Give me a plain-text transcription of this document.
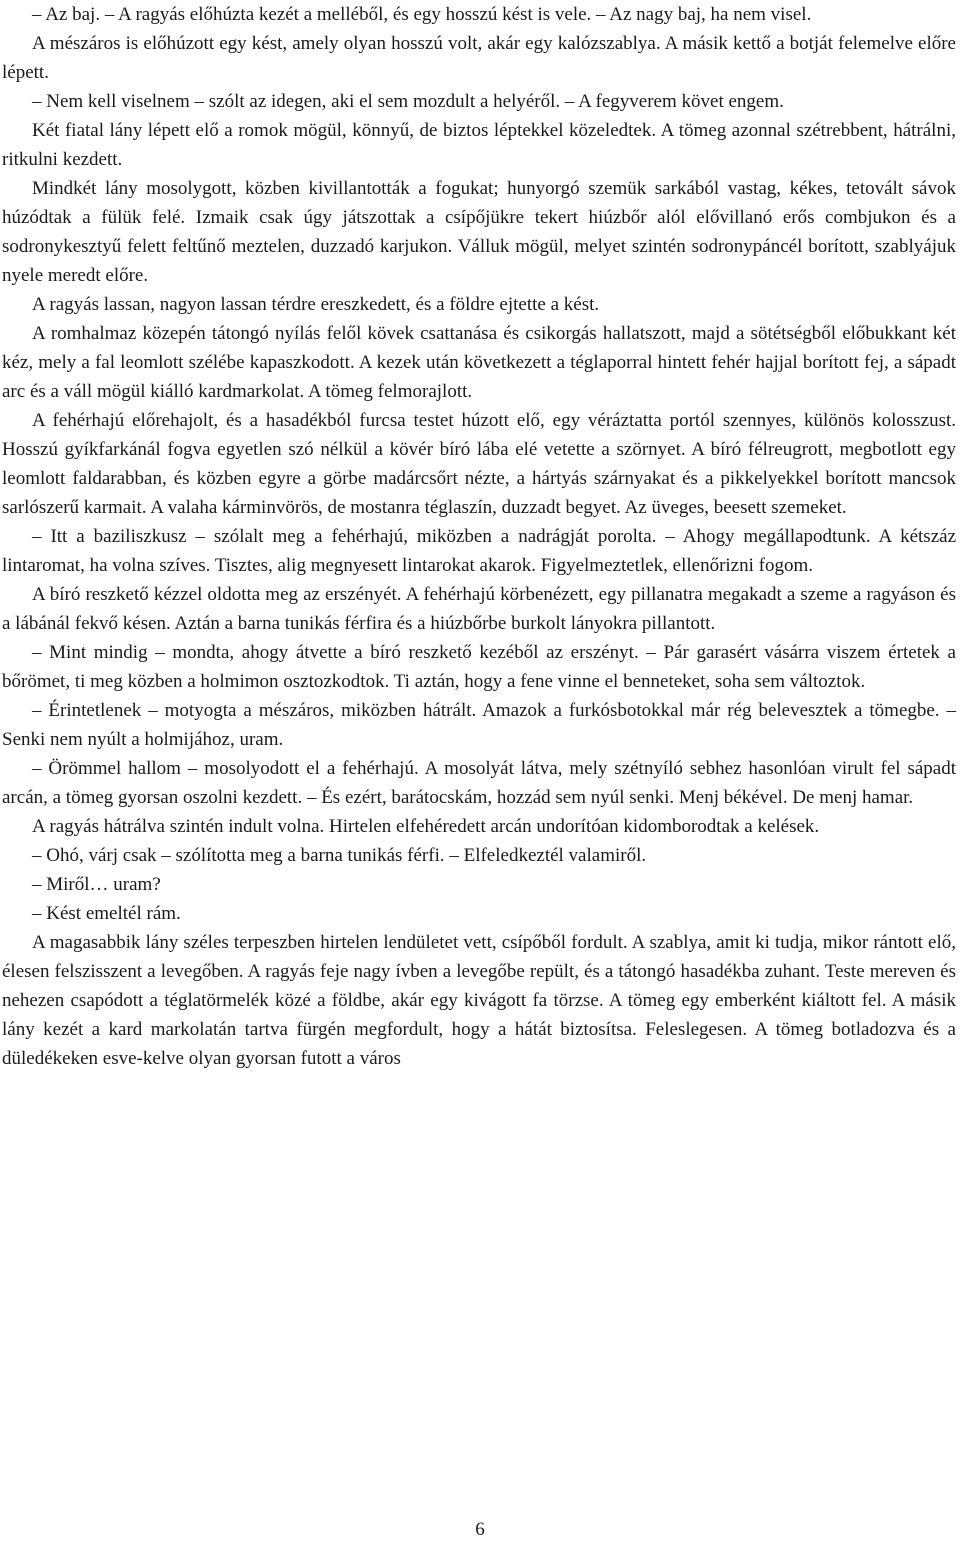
– Az baj. – A ragyás előhúzta kezét a melléből, és egy hosszú kést is vele. – Az nagy baj, ha nem visel.

A mészáros is előhúzott egy kést, amely olyan hosszú volt, akár egy kalózszablya. A másik kettő a botját felemelve előre lépett.

– Nem kell viselnem – szólt az idegen, aki el sem mozdult a helyéről. – A fegyverem követ engem.

Két fiatal lány lépett elő a romok mögül, könnyű, de biztos léptekkel közeledtek. A tömeg azonnal szétrebbent, hátrálni, ritkulni kezdett.

Mindkét lány mosolygott, közben kivillantották a fogukat; hunyorgó szemük sarkából vastag, kékes, tetovált sávok húzódtak a fülük felé. Izmaik csak úgy játszottak a csípőjükre tekert hiúzbőr alól elővillanó erős combjukon és a sodronykesztyű felett feltűnő meztelen, duzzadó karjukon. Válluk mögül, melyet szintén sodronypáncél borított, szablyájuk nyele meredt előre.

A ragyás lassan, nagyon lassan térdre ereszkedett, és a földre ejtette a kést.

A romhalmaz közepén tátongó nyílás felől kövek csattanása és csikorgás hallatszott, majd a sötétségből előbukkant két kéz, mely a fal leomlott szélébe kapaszkodott. A kezek után következett a téglaporral hintett fehér hajjal borított fej, a sápadt arc és a váll mögül kiálló kardmarkolat. A tömeg felmorajlott.

A fehérhajú előrehajolt, és a hasadékból furcsa testet húzott elő, egy véráztatta portól szennyes, különös kolosszust. Hosszú gyíkfarkánál fogva egyetlen szó nélkül a kövér bíró lába elé vetette a szörnyet. A bíró félreugrott, megbotlott egy leomlott faldarabban, és közben egyre a görbe madárcsőrt nézte, a hártyás szárnyakat és a pikkelyekkel borított mancsok sarlószerű karmait. A valaha kárminvörös, de mostanra téglaszín, duzzadt begyet. Az üveges, beesett szemeket.

– Itt a baziliszkusz – szólalt meg a fehérhajú, miközben a nadrágját porolta. – Ahogy megállapodtunk. A kétszáz lintaromat, ha volna szíves. Tisztes, alig megnyesett lintarokat akarok. Figyelmeztetlek, ellenőrizni fogom.

A bíró reszkető kézzel oldotta meg az erszényét. A fehérhajú körbenézett, egy pillanatra megakadt a szeme a ragyáson és a lábánál fekvő késen. Aztán a barna tunikás férfira és a hiúzbőrbe burkolt lányokra pillantott.

– Mint mindig – mondta, ahogy átvette a bíró reszkető kezéből az erszényt. – Pár garasért vásárra viszem értetek a bőrömet, ti meg közben a holmimon osztozkodtok. Ti aztán, hogy a fene vinne el benneteket, soha sem változtok.

– Érintetlenek – motyogta a mészáros, miközben hátrált. Amazok a furkósbotokkal már rég belevesztek a tömegbe. – Senki nem nyúlt a holmijához, uram.

– Örömmel hallom – mosolyodott el a fehérhajú. A mosolyát látva, mely szétnyíló sebhez hasonlóan virult fel sápadt arcán, a tömeg gyorsan oszolni kezdett. – És ezért, barátocskám, hozzád sem nyúl senki. Menj békével. De menj hamar.

A ragyás hátrálva szintén indult volna. Hirtelen elfehéredett arcán undorítóan kidomborodtak a kelések.

– Ohó, várj csak – szólította meg a barna tunikás férfi. – Elfeledkeztél valamiről.

– Miről… uram?

– Kést emeltél rám.

A magasabbik lány széles terpeszben hirtelen lendületet vett, csípőből fordult. A szablya, amit ki tudja, mikor rántott elő, élesen felszisszent a levegőben. A ragyás feje nagy ívben a levegőbe repült, és a tátongó hasadékba zuhant. Teste mereven és nehezen csapódott a téglatörmelék közé a földbe, akár egy kivágott fa törzse. A tömeg egy emberként kiáltott fel. A másik lány kezét a kard markolatán tartva fürgén megfordult, hogy a hátát biztosítsa. Feleslegesen. A tömeg botladozva és a düledékeken esve-kelve olyan gyorsan futott a város

6
